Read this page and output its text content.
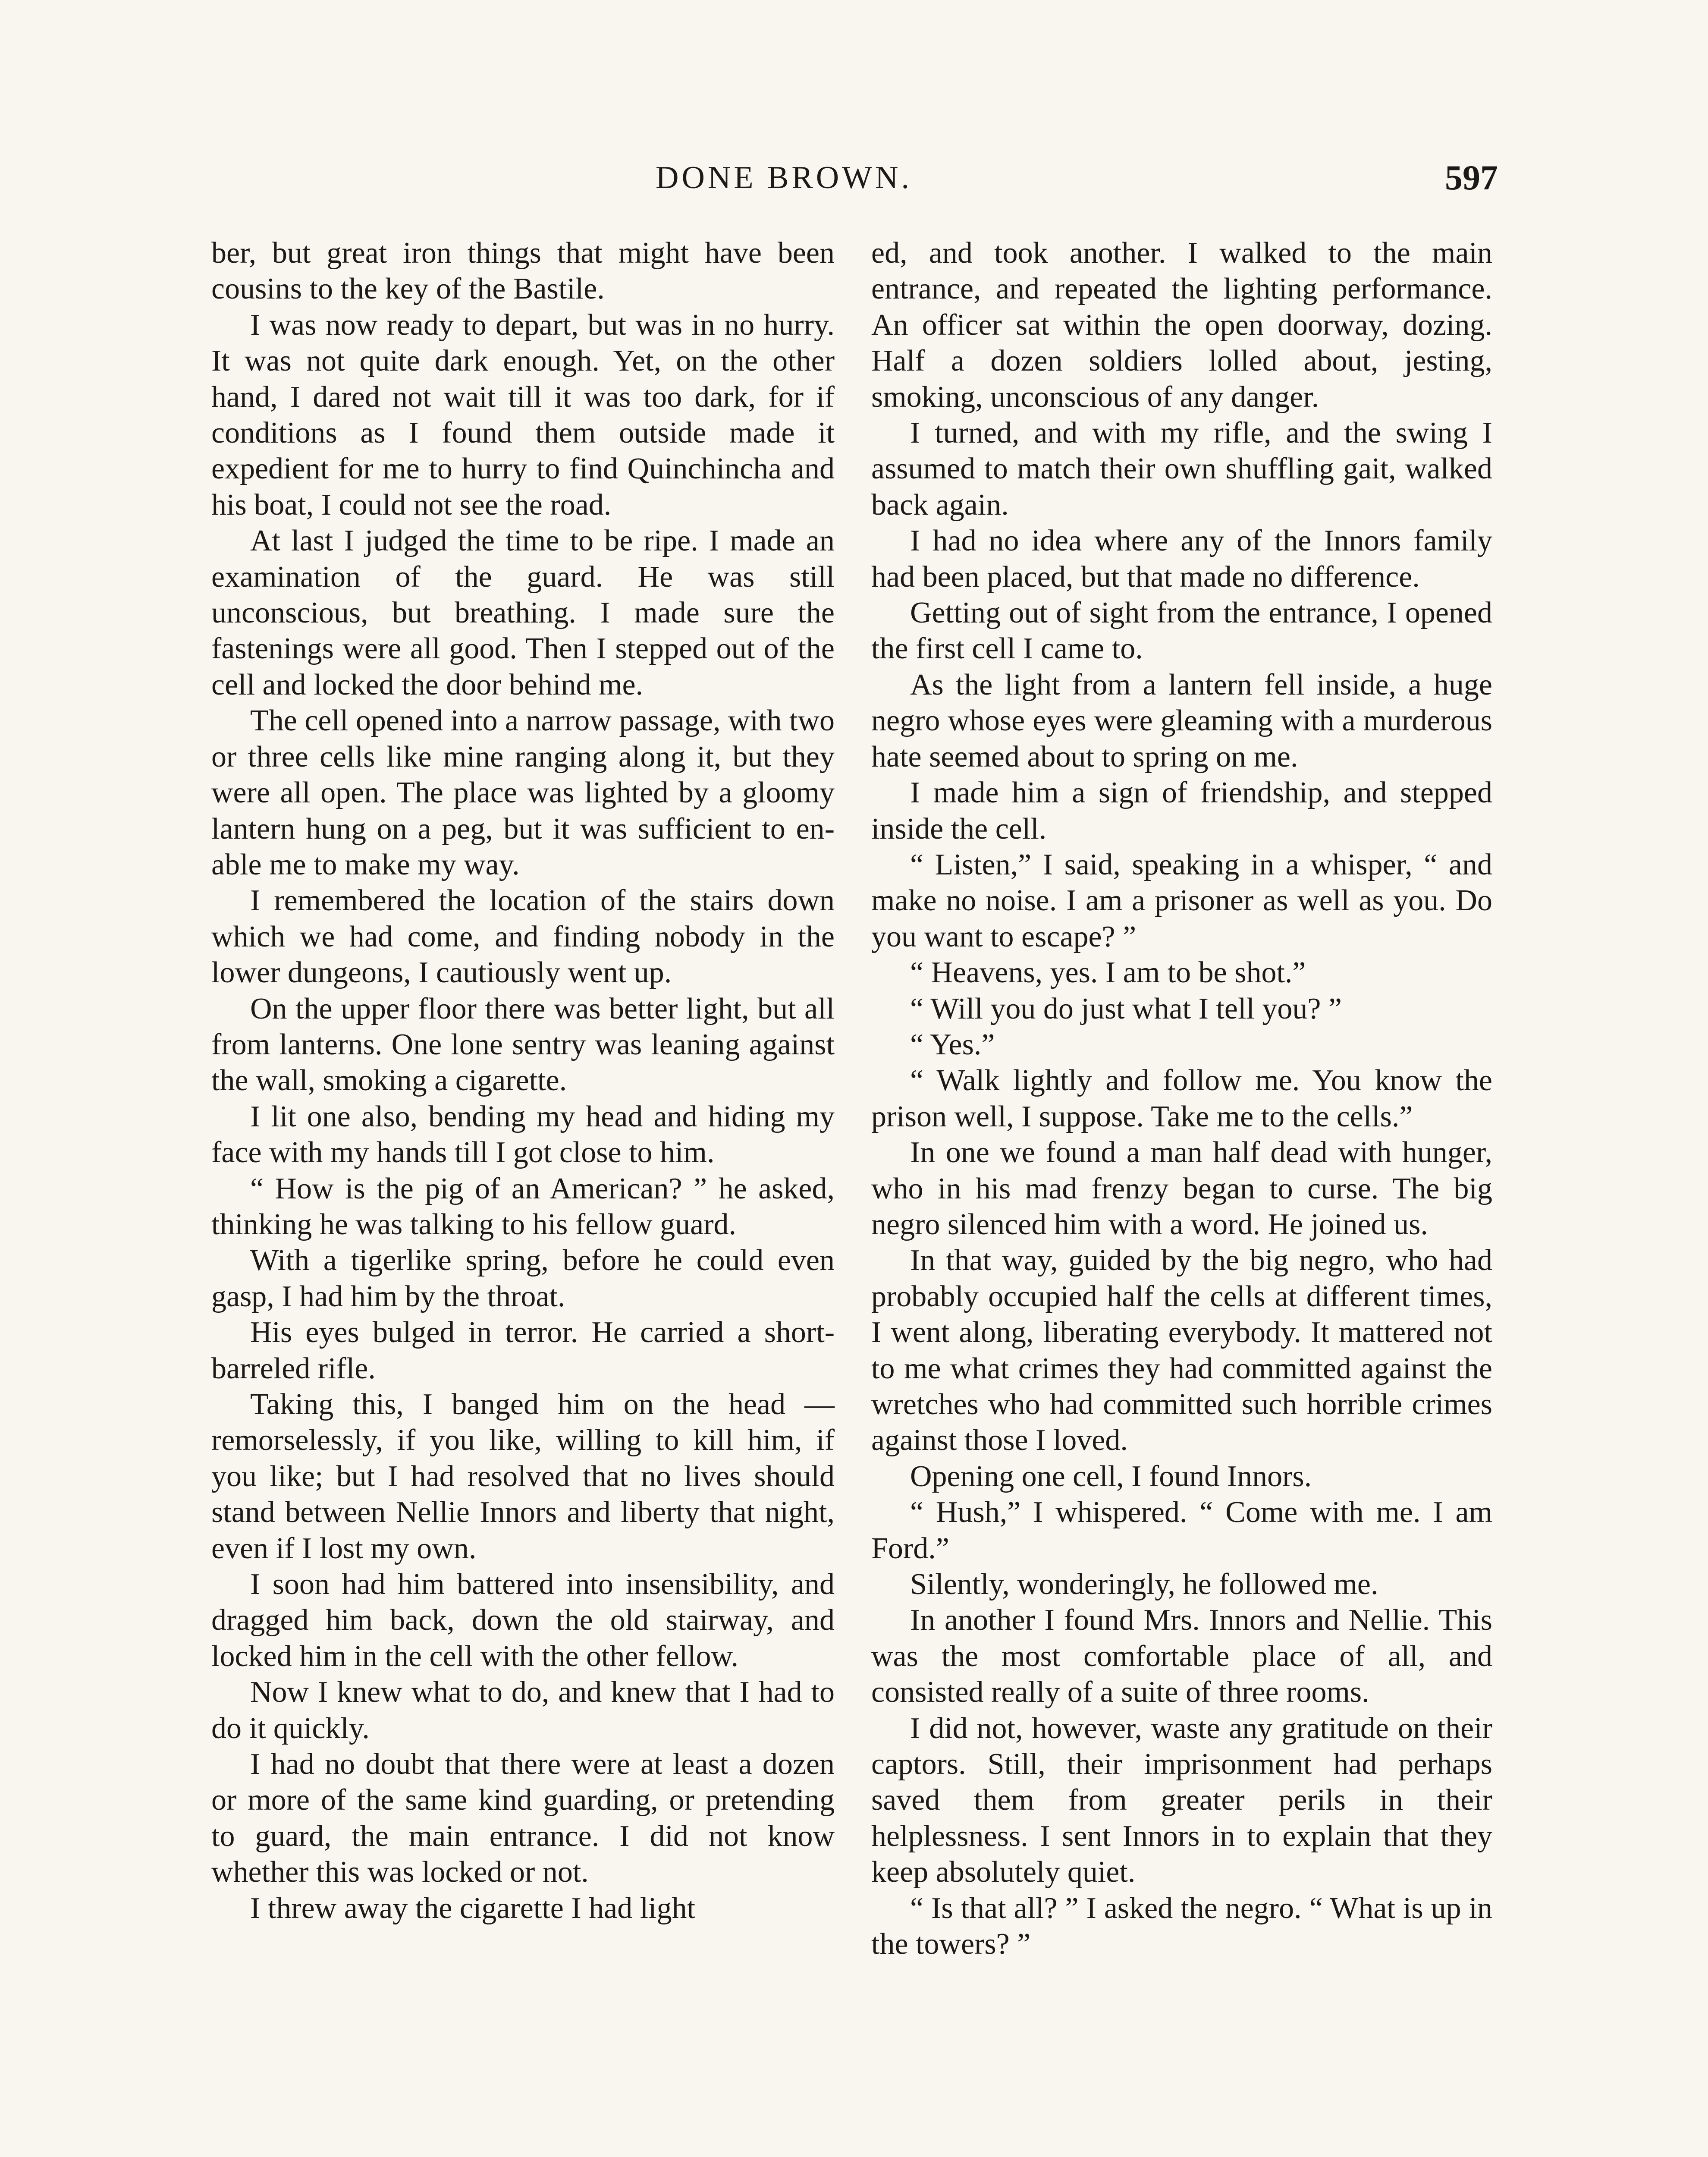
DONE BROWN.	597

ber, but great iron things that might have been cousins to the key of the Bastile.

I was now ready to depart, but was in no hurry. It was not quite dark enough. Yet, on the other hand, I dared not wait till it was too dark, for if conditions as I found them outside made it expedient for me to hurry to find Quinchincha and his boat, I could not see the road.

At last I judged the time to be ripe. I made an examination of the guard. He was still unconscious, but breathing. I made sure the fastenings were all good. Then I stepped out of the cell and locked the door behind me.

The cell opened into a narrow passage, with two or three cells like mine ranging along it, but they were all open. The place was lighted by a gloomy lantern hung on a peg, but it was sufficient to enable me to make my way.

I remembered the location of the stairs down which we had come, and finding nobody in the lower dungeons, I cautiously went up.

On the upper floor there was better light, but all from lanterns. One lone sentry was leaning against the wall, smoking a cigarette.

I lit one also, bending my head and hiding my face with my hands till I got close to him.

“ How is the pig of an American? ” he asked, thinking he was talking to his fellow guard.

With a tigerlike spring, before he could even gasp, I had him by the throat.

His eyes bulged in terror. He carried a short-barreled rifle.

Taking this, I banged him on the head —remorselessly, if you like, willing to kill him, if you like; but I had resolved that no lives should stand between Nellie Innors and liberty that night, even if I lost my own.

I soon had him battered into insensibility, and dragged him back, down the old stairway, and locked him in the cell with the other fellow.

Now I knew what to do, and knew that I had to do it quickly.

I had no doubt that there were at least a dozen or more of the same kind guarding, or pretending to guard, the main entrance. I did not know whether this was locked or not.

I threw away the cigarette I had light

ed, and took another. I walked to the main entrance, and repeated the lighting performance. An officer sat within the open doorway, dozing. Half a dozen soldiers lolled about, jesting, smoking, unconscious of any danger.

I turned, and with my rifle, and the swing I assumed to match their own shuffling gait, walked back again.

I had no idea where any of the Innors family had been placed, but that made no difference.

Getting out of sight from the entrance, I opened the first cell I came to.

As the light from a lantern fell inside, a huge negro whose eyes were gleaming with a murderous hate seemed about to spring on me.

I made him a sign of friendship, and stepped inside the cell.

“ Listen,” I said, speaking in a whisper, “ and make no noise. I am a prisoner as well as you. Do you want to escape? ”

“ Heavens, yes. I am to be shot.”

“ Will you do just what I tell you? ”

“ Yes.”

“ Walk lightly and follow me. You know the prison well, I suppose. Take me to the cells.”

In one we found a man half dead with hunger, who in his mad frenzy began to curse. The big negro silenced him with a word. He joined us.

In that way, guided by the big negro, who had probably occupied half the cells at different times, I went along, liberating everybody. It mattered not to me what crimes they had committed against the wretches who had committed such horrible crimes against those I loved.

Opening one cell, I found Innors.

“ Hush,” I whispered. “ Come with me. I am Ford.”

Silently, wonderingly, he followed me.

In another I found Mrs. Innors and Nellie. This was the most comfortable place of all, and consisted really of a suite of three rooms.

I did not, however, waste any gratitude on their captors. Still, their imprisonment had perhaps saved them from greater perils in their helplessness. I sent Innors in to explain that they keep absolutely quiet.

“ Is that all? ” I asked the negro. “ What is up in the towers? ”
